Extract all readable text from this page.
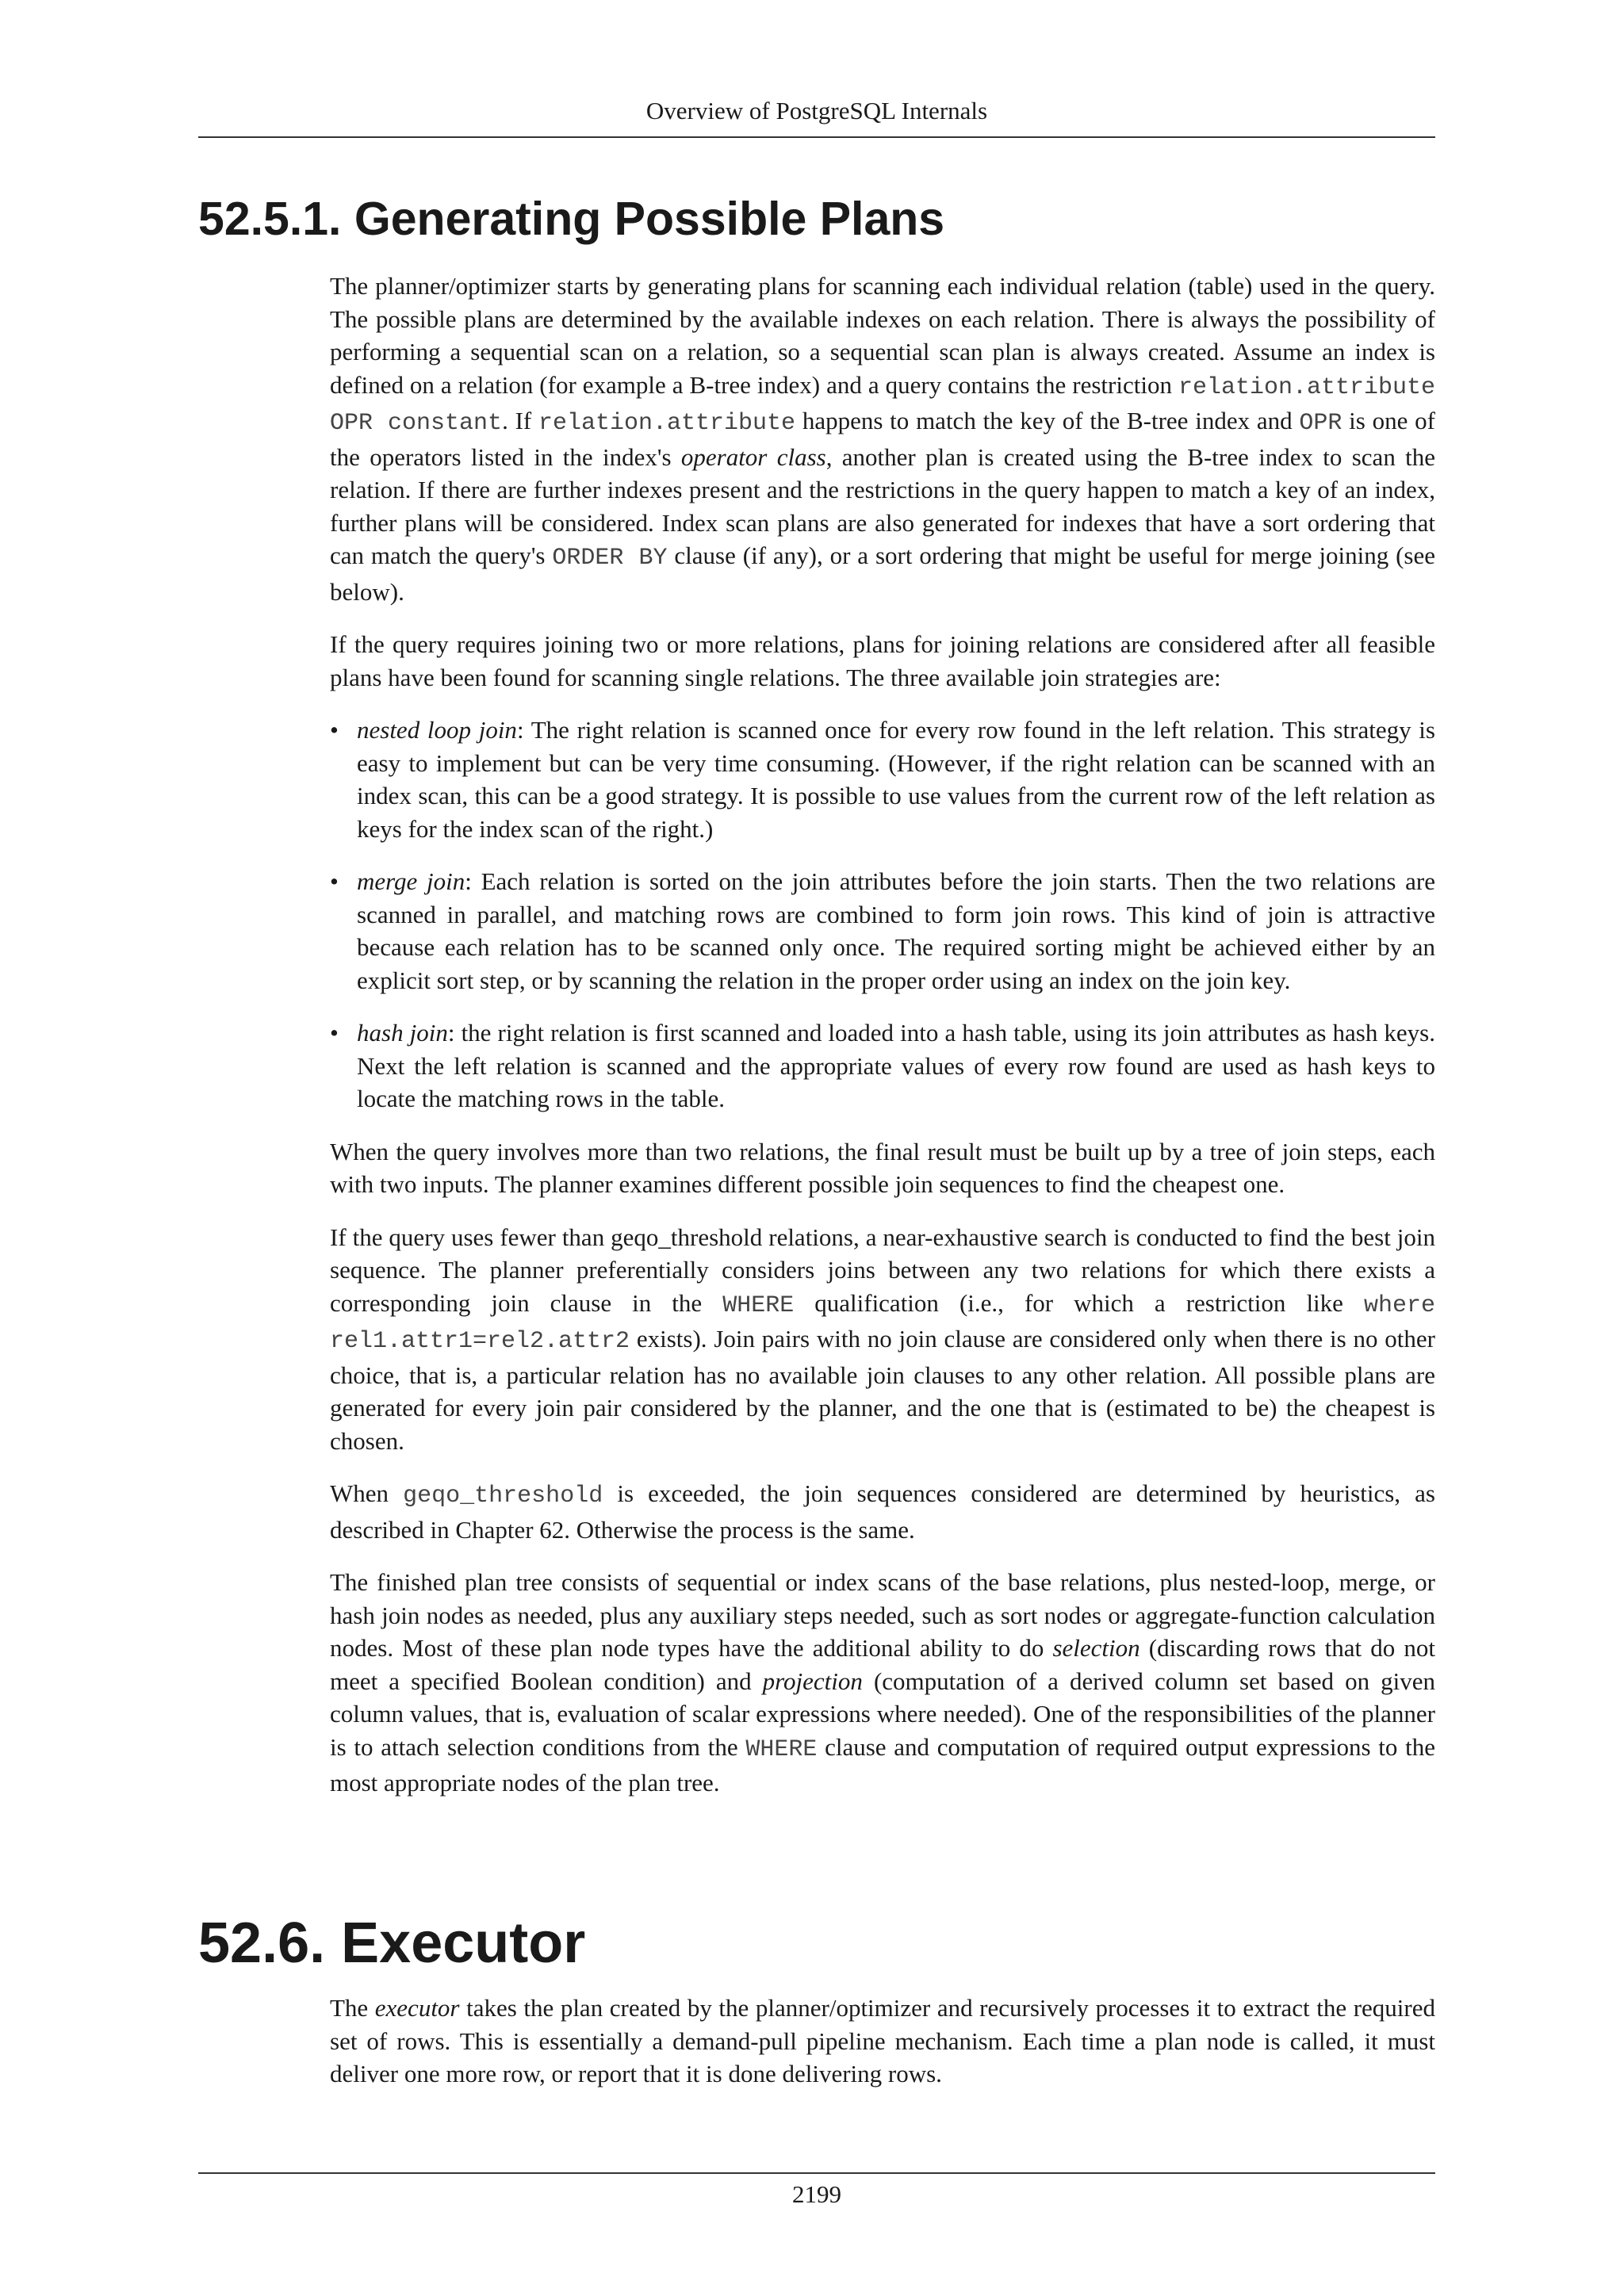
Overview of PostgreSQL Internals
52.5.1. Generating Possible Plans

The planner/optimizer starts by generating plans for scanning each individual relation (table) used in the query. The possible plans are determined by the available indexes on each relation. There is always the possibility of performing a sequential scan on a relation, so a sequential scan plan is always created. Assume an index is defined on a relation (for example a B-tree index) and a query contains the restriction relation.attribute OPR constant. If relation.attribute happens to match the key of the B-tree index and OPR is one of the operators listed in the index's operator class, another plan is created using the B-tree index to scan the relation. If there are further indexes present and the restrictions in the query happen to match a key of an index, further plans will be considered. Index scan plans are also generated for indexes that have a sort ordering that can match the query's ORDER BY clause (if any), or a sort ordering that might be useful for merge joining (see below).

If the query requires joining two or more relations, plans for joining relations are considered after all feasible plans have been found for scanning single relations. The three available join strategies are:

• nested loop join: The right relation is scanned once for every row found in the left relation. This strategy is easy to implement but can be very time consuming. (However, if the right relation can be scanned with an index scan, this can be a good strategy. It is possible to use values from the current row of the left relation as keys for the index scan of the right.)
• merge join: Each relation is sorted on the join attributes before the join starts. Then the two relations are scanned in parallel, and matching rows are combined to form join rows. This kind of join is attractive because each relation has to be scanned only once. The required sorting might be achieved either by an explicit sort step, or by scanning the relation in the proper order using an index on the join key.
• hash join: the right relation is first scanned and loaded into a hash table, using its join attributes as hash keys. Next the left relation is scanned and the appropriate values of every row found are used as hash keys to locate the matching rows in the table.

When the query involves more than two relations, the final result must be built up by a tree of join steps, each with two inputs. The planner examines different possible join sequences to find the cheapest one.

If the query uses fewer than geqo_threshold relations, a near-exhaustive search is conducted to find the best join sequence. The planner preferentially considers joins between any two relations for which there exists a corresponding join clause in the WHERE qualification (i.e., for which a restriction like where rel1.attr1=rel2.attr2 exists). Join pairs with no join clause are considered only when there is no other choice, that is, a particular relation has no available join clauses to any other relation. All possible plans are generated for every join pair considered by the planner, and the one that is (estimated to be) the cheapest is chosen.

When geqo_threshold is exceeded, the join sequences considered are determined by heuristics, as described in Chapter 62. Otherwise the process is the same.

The finished plan tree consists of sequential or index scans of the base relations, plus nested-loop, merge, or hash join nodes as needed, plus any auxiliary steps needed, such as sort nodes or aggregate-function calculation nodes. Most of these plan node types have the additional ability to do selection (discarding rows that do not meet a specified Boolean condition) and projection (computation of a derived column set based on given column values, that is, evaluation of scalar expressions where needed). One of the responsibilities of the planner is to attach selection conditions from the WHERE clause and computation of required output expressions to the most appropriate nodes of the plan tree.

52.6. Executor

The executor takes the plan created by the planner/optimizer and recursively processes it to extract the required set of rows. This is essentially a demand-pull pipeline mechanism. Each time a plan node is called, it must deliver one more row, or report that it is done delivering rows.

2199
